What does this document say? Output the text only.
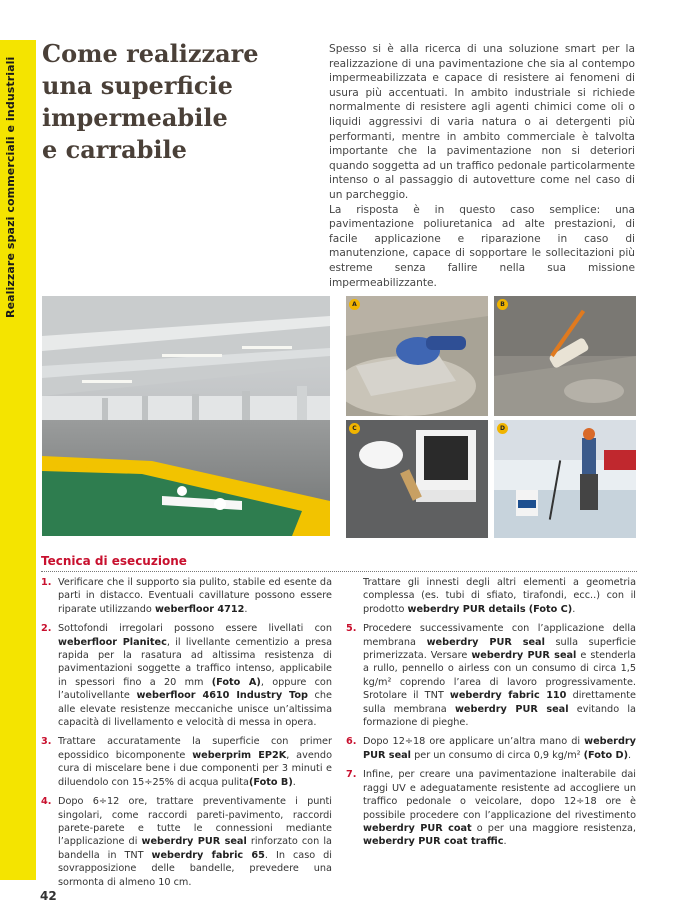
Realizzare spazi commerciali e industriali
Come realizzare
una superficie
impermeabile
e carrabile

Spesso si è alla ricerca di una soluzione smart per la realizzazione di una pavimentazione che sia al contempo impermeabilizzata e capace di resistere ai fenomeni di usura più accentuati. In ambito industriale si richiede normalmente di resistere agli agenti chimici come oli o liquidi aggressivi di varia natura o ai detergenti più performanti, mentre in ambito commerciale è talvolta importante che la pavimentazione non si deteriori quando soggetta ad un traffico pedonale particolarmente intenso o al passaggio di autovetture come nel caso di un parcheggio.

La risposta è in questo caso semplice: una pavimentazione poliuretanica ad alte prestazioni, di facile applicazione e riparazione in caso di manutenzione, capace di sopportare le sollecitazioni più estreme senza fallire nella sua missione impermeabilizzante.

A	B
C	D
Tecnica di esecuzione

1. Verificare che il supporto sia pulito, stabile ed esente da parti in distacco. Eventuali cavillature possono essere riparate utilizzando weberfloor 4712.

2. Sottofondi irregolari possono essere livellati con weberfloor Planitec, il livellante cementizio a presa rapida per la rasatura ad altissima resistenza di pavimentazioni soggette a traffico intenso, applicabile in spessori fino a 20 mm (Foto A), oppure con l’autolivellante weberfloor 4610 Industry Top che alle elevate resistenze meccaniche unisce un’altissima capacità di livellamento e velocità di messa in opera.

3. Trattare accuratamente la superficie con primer epossidico bicomponente weberprim EP2K, avendo cura di miscelare bene i due componenti per 3 minuti e diluendolo con 15÷25% di acqua pulita(Foto B).

4. Dopo 6÷12 ore, trattare preventivamente i punti singolari, come raccordi pareti-pavimento, raccordi parete-parete e tutte le connessioni mediante l’applicazione di weberdry PUR seal rinforzato con la bandella in TNT weberdry fabric 65. In caso di sovrapposizione delle bandelle, prevedere una sormonta di almeno 10 cm.

Trattare gli innesti degli altri elementi a geometria complessa (es. tubi di sfiato, tirafondi, ecc..) con il prodotto weberdry PUR details (Foto C).

5. Procedere successivamente con l’applicazione della membrana weberdry PUR seal sulla superficie primerizzata. Versare weberdry PUR seal e stenderla a rullo, pennello o airless con un consumo di circa 1,5 kg/m² coprendo l’area di lavoro progressivamente. Srotolare il TNT weberdry fabric 110 direttamente sulla membrana weberdry PUR seal evitando la formazione di pieghe.

6. Dopo 12÷18 ore applicare un’altra mano di weberdry PUR seal per un consumo di circa 0,9 kg/m² (Foto D).

7. Infine, per creare una pavimentazione inalterabile dai raggi UV e adeguatamente resistente ad accogliere un traffico pedonale o veicolare, dopo 12÷18 ore è possibile procedere con l’applicazione del rivestimento weberdry PUR coat o per una maggiore resistenza, weberdry PUR coat traffic.

42
